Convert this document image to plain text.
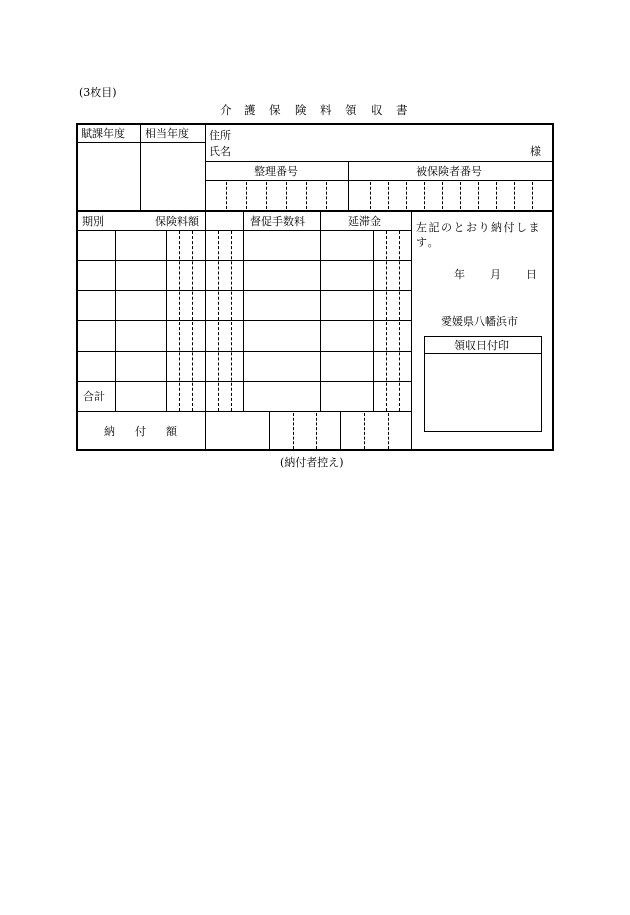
(3枚目)
介 護 保 険 料 領 収 書
賦課年度 相当年度 住所
氏名	様
整理番号	被保険者番号
期別	保険料額	督促手数料	延滞金
合計
納 付 額
左記のとおり納付します。
年 月 日
愛媛県八幡浜市
領収日付印
(納付者控え)
